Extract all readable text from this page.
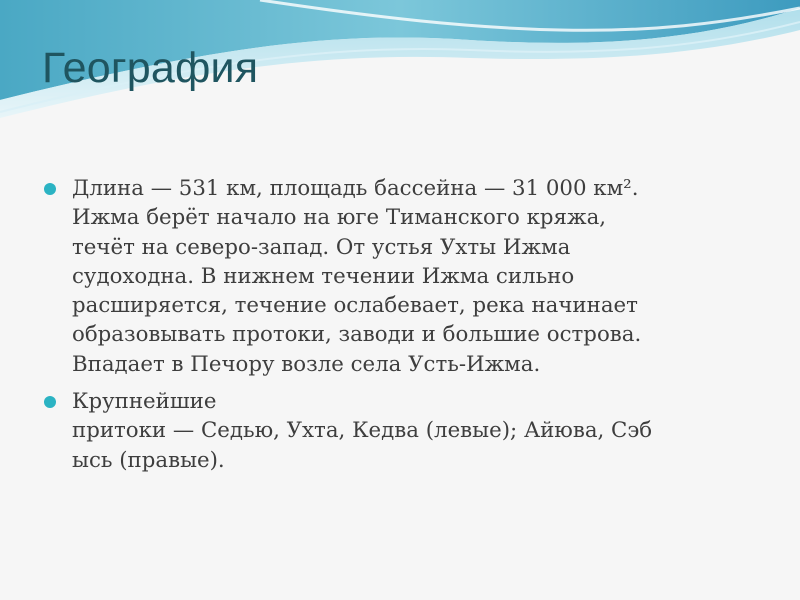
География
Длина — 531 км, площадь бассейна — 31 000 км².
Ижма берёт начало на юге Тиманского кряжа,
течёт на северо-запад. От устья Ухты Ижма
судоходна. В нижнем течении Ижма сильно
расширяется, течение ослабевает, река начинает
образовывать протоки, заводи и большие острова.
Впадает в Печору возле села Усть-Ижма.
Крупнейшие
притоки — Седью, Ухта, Кедва (левые); Айюва, Сэб
ысь (правые).
